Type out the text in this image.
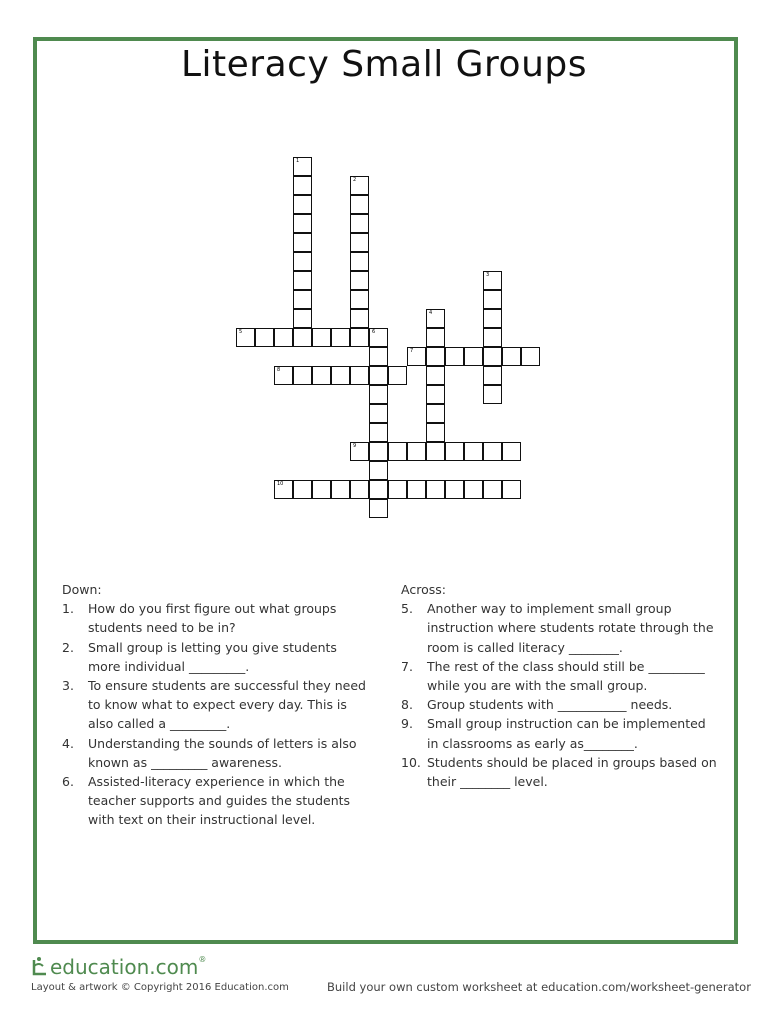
Literacy Small Groups
1
2
3
4
5	6
7
8
9
10
Down:
1.	How do you first figure out what groups students need to be in?
2.	Small group is letting you give students more individual _________.
3.	To ensure students are successful they need to know what to expect every day. This is also called a _________.
4.	Understanding the sounds of letters is also known as _________ awareness.
6.	Assisted-literacy experience in which the teacher supports and guides the students with text on their instructional level.
Across:
5.	Another way to implement small group instruction where students rotate through the room is called literacy ________.
7.	The rest of the class should still be _________ while you are with the small group.
8.	Group students with ___________ needs.
9.	Small group instruction can be implemented in classrooms as early as________.
10. Students should be placed in groups based on their ________ level.
education.com ®
Layout & artwork © Copyright 2016 Education.com	Build your own custom worksheet at education.com/worksheet-generator
